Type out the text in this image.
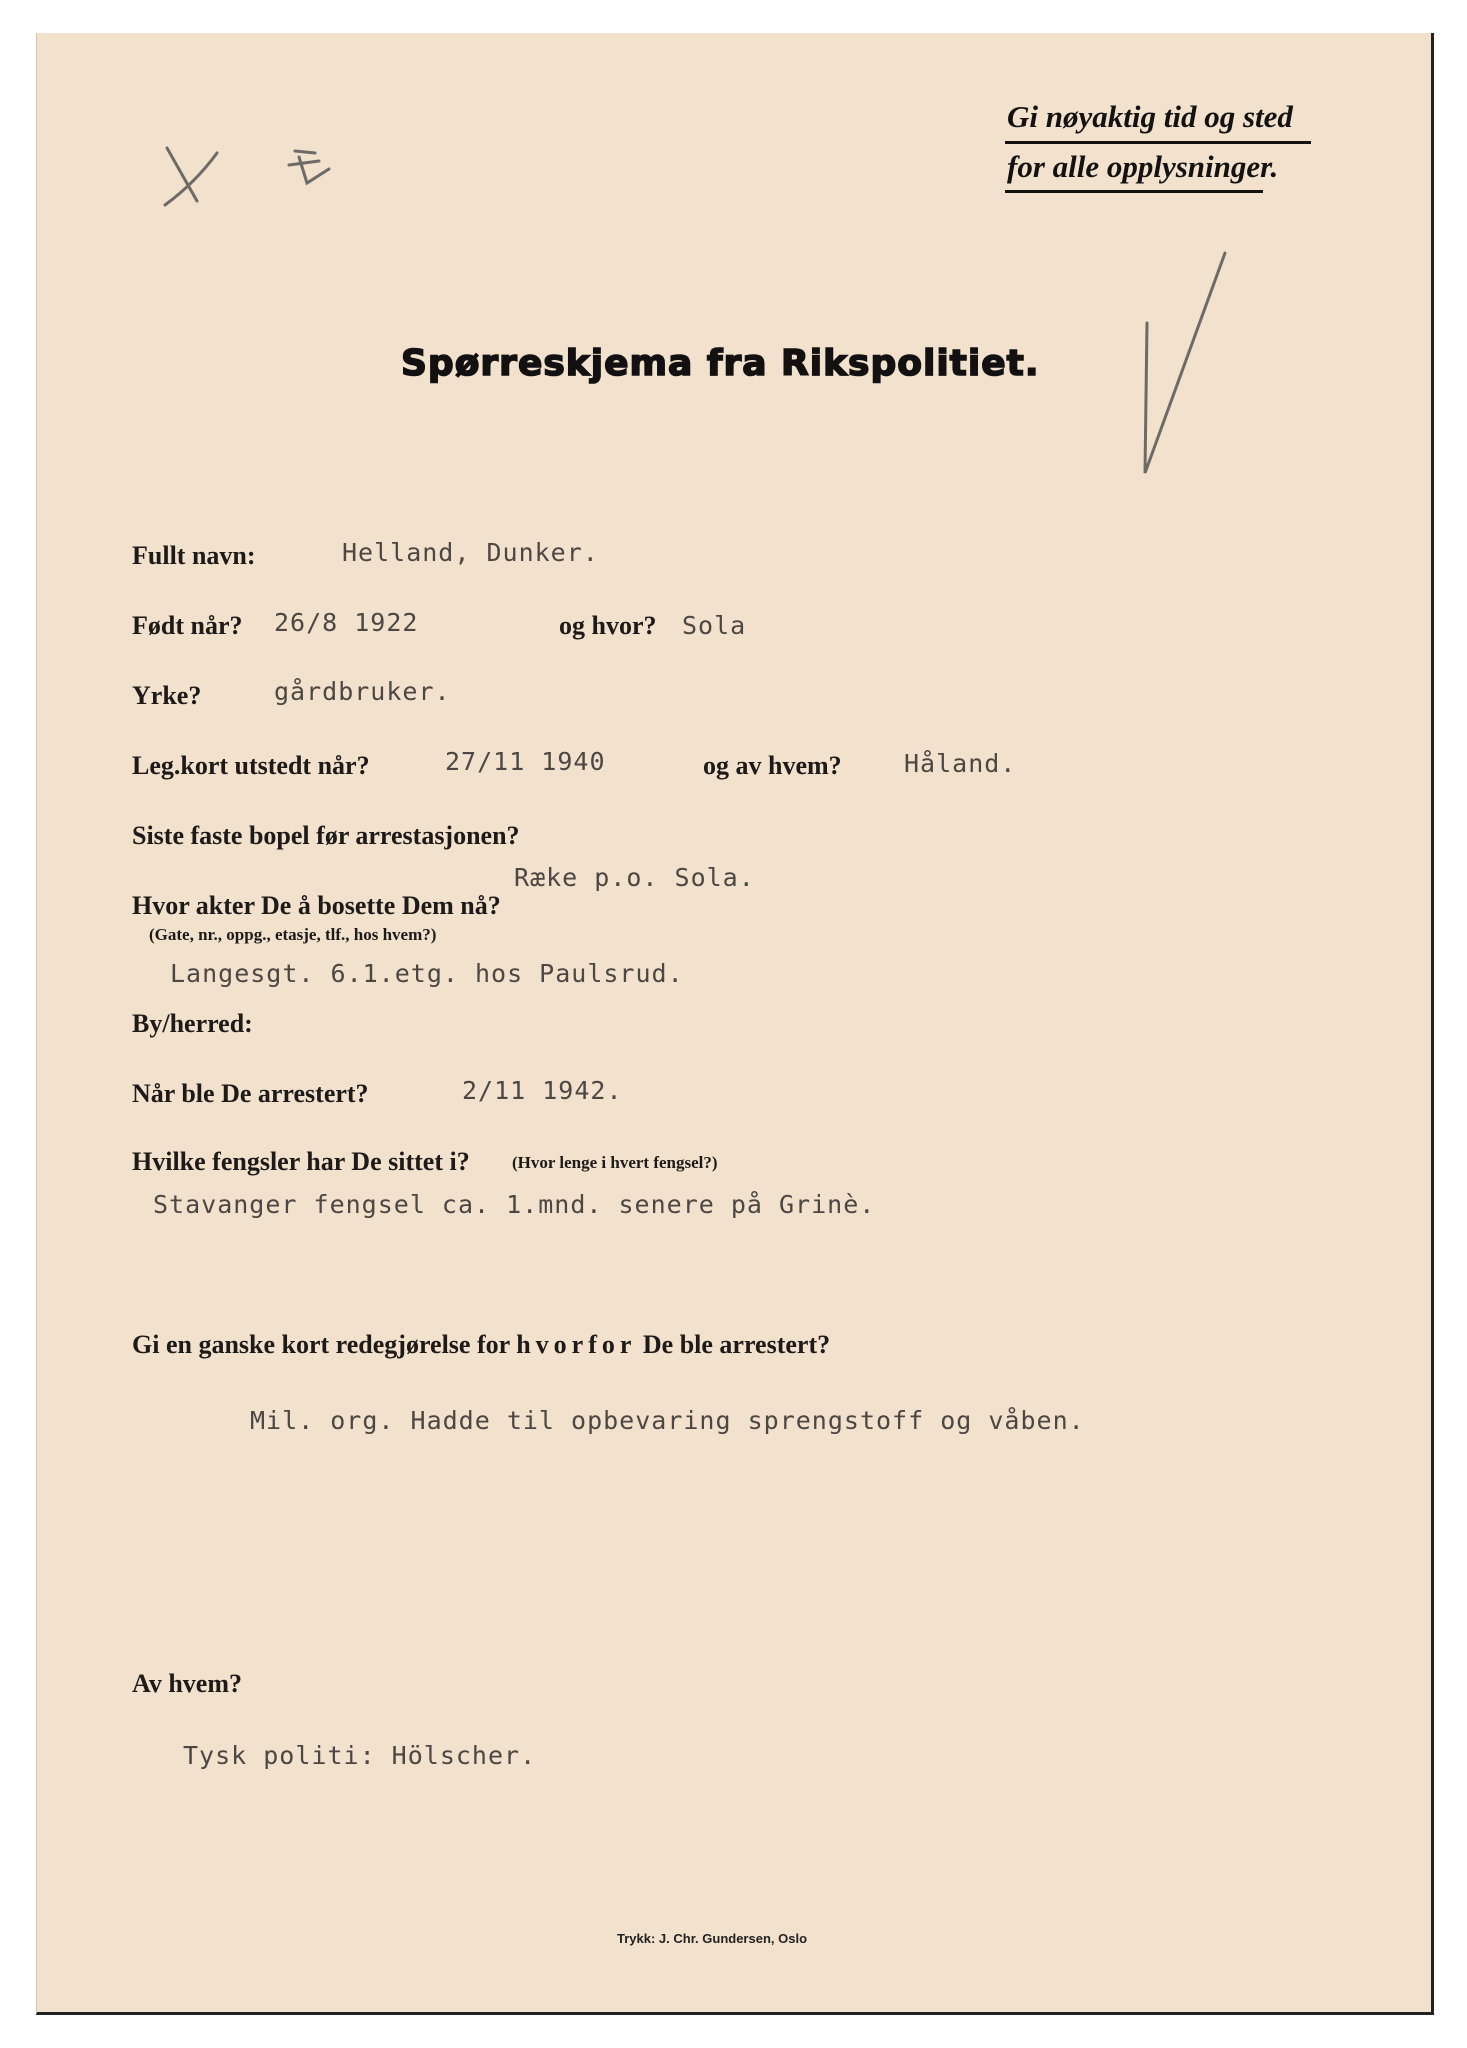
Gi nøyaktig tid og sted
for alle opplysninger.
Spørreskjema fra Rikspolitiet.
Fullt navn:	Helland, Dunker.
Født når? 26/8 1922	og hvor? Sola
Yrke?	gårdbruker.
Leg.kort utstedt når?	27/11 1940	og av hvem? Håland.
Siste faste bopel før arrestasjonen?
Ræke p.o. Sola.
Hvor akter De å bosette Dem nå?
(Gate, nr., oppg., etasje, tlf., hos hvem?)
Langesgt. 6.1.etg. hos Paulsrud.
By/herred:
Når ble De arrestert?	2/11 1942.
Hvilke fengsler har De sittet i? (Hvor lenge i hvert fengsel?)
Stavanger fengsel ca. 1.mnd. senere på Grinè.
Gi en ganske kort redegjørelse for hvorfor De ble arrestert?
Mil. org. Hadde til opbevaring sprengstoff og våben.
Av hvem?
Tysk politi: Hölscher.
Trykk: J. Chr. Gundersen, Oslo
